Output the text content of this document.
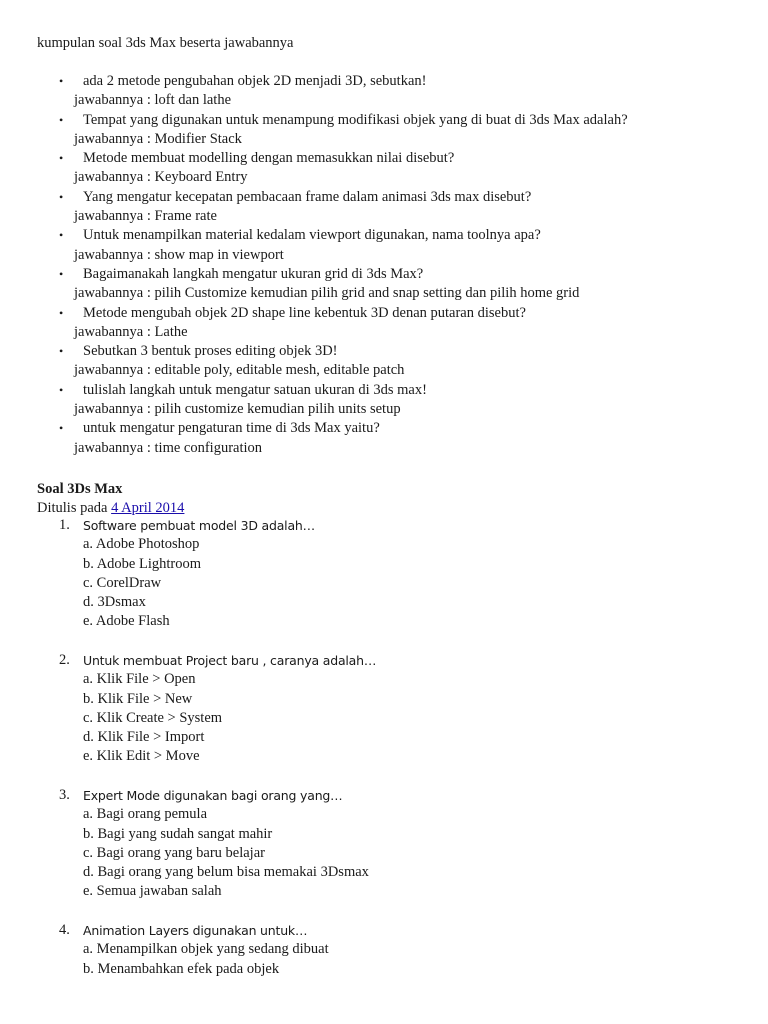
kumpulan soal 3ds Max beserta jawabannya
• ada 2 metode pengubahan objek 2D menjadi 3D, sebutkan!
jawabannya : loft dan lathe
• Tempat yang digunakan untuk menampung modifikasi objek yang di buat di 3ds Max adalah?
jawabannya : Modifier Stack
• Metode membuat modelling dengan memasukkan nilai disebut?
jawabannya : Keyboard Entry
• Yang mengatur kecepatan pembacaan frame dalam animasi 3ds max disebut?
jawabannya : Frame rate
• Untuk menampilkan material kedalam viewport digunakan, nama toolnya apa?
jawabannya : show map in viewport
• Bagaimanakah langkah mengatur ukuran grid di 3ds Max?
jawabannya : pilih Customize kemudian pilih grid and snap setting dan pilih home grid
• Metode mengubah objek 2D shape line kebentuk 3D denan putaran disebut?
jawabannya : Lathe
• Sebutkan 3 bentuk proses editing objek 3D!
jawabannya : editable poly, editable mesh, editable patch
• tulislah langkah untuk mengatur satuan ukuran di 3ds max!
jawabannya : pilih customize kemudian pilih units setup
• untuk mengatur pengaturan time di 3ds Max yaitu?
jawabannya : time configuration
Soal 3Ds Max
Ditulis pada 4 April 2014
1. Software pembuat model 3D adalah…
a. Adobe Photoshop
b. Adobe Lightroom
c. CorelDraw
d. 3Dsmax
e. Adobe Flash
2. Untuk membuat Project baru , caranya adalah…
a. Klik File > Open
b. Klik File > New
c. Klik Create > System
d. Klik File > Import
e. Klik Edit > Move
3. Expert Mode digunakan bagi orang yang…
a. Bagi orang pemula
b. Bagi yang sudah sangat mahir
c. Bagi orang yang baru belajar
d. Bagi orang yang belum bisa memakai 3Dsmax
e. Semua jawaban salah
4. Animation Layers digunakan untuk…
a. Menampilkan objek yang sedang dibuat
b. Menambahkan efek pada objek
